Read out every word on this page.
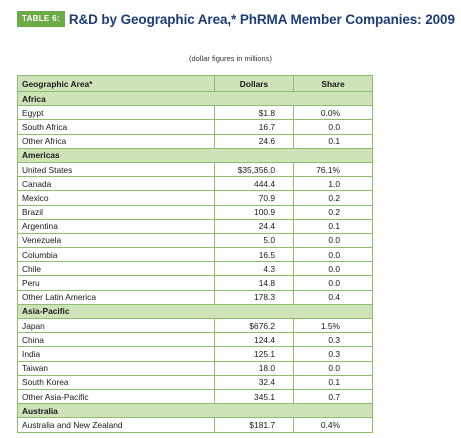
TABLE 6: R&D by Geographic Area,* PhRMA Member Companies: 2009
(dollar figures in millions)
Geographic Area*	Dollars	Share
Africa		
Egypt	$1.8	0.0%
South Africa	16.7	0.0
Other Africa	24.6	0.1
Americas		
United States	$35,356.0	76.1%
Canada	444.4	1.0
Mexico	70.9	0.2
Brazil	100.9	0.2
Argentina	24.4	0.1
Venezuela	5.0	0.0
Columbia	16.5	0.0
Chile	4.3	0.0
Peru	14.8	0.0
Other Latin America	178.3	0.4
Asia-Pacific		
Japan	$676.2	1.5%
China	124.4	0.3
India	125.1	0.3
Taiwan	18.0	0.0
South Korea	32.4	0.1
Other Asia-Pacific	345.1	0.7
Australia		
Australia and New Zealand	$181.7	0.4%
